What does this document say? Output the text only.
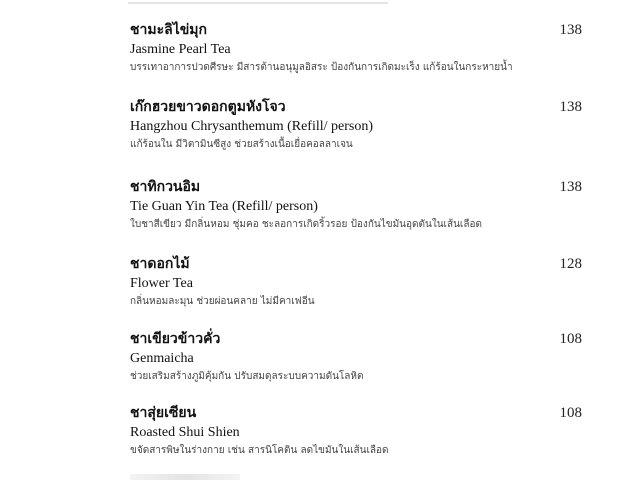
ชามะลิไข่มุก	138
Jasmine Pearl Tea
บรรเทาอาการปวดศีรษะ มีสารต้านอนุมูลอิสระ ป้องกันการเกิดมะเร็ง แก้ร้อนในกระหายน้ำ
เก๊กฮวยขาวดอกตูมหังโจว	138
Hangzhou Chrysanthemum (Refill/ person)
แก้ร้อนใน มีวิตามินซีสูง ช่วยสร้างเนื้อเยื่อคอลลาเจน
ชาทิกวนอิม	138
Tie Guan Yin Tea (Refill/ person)
ใบชาสีเขียว มีกลิ่นหอม ชุ่มคอ ชะลอการเกิดริ้วรอย ป้องกันไขมันอุดตันในเส้นเลือด
ชาดอกไม้	128
Flower Tea
กลิ่นหอมละมุน ช่วยผ่อนคลาย ไม่มีคาเฟอีน
ชาเขียวข้าวคั่ว	108
Genmaicha
ช่วยเสริมสร้างภูมิคุ้มกัน ปรับสมดุลระบบความดันโลหิต
ชาสุ่ยเซียน	108
Roasted Shui Shien
ขจัดสารพิษในร่างกาย เช่น สารนิโคติน ลดไขมันในเส้นเลือด
